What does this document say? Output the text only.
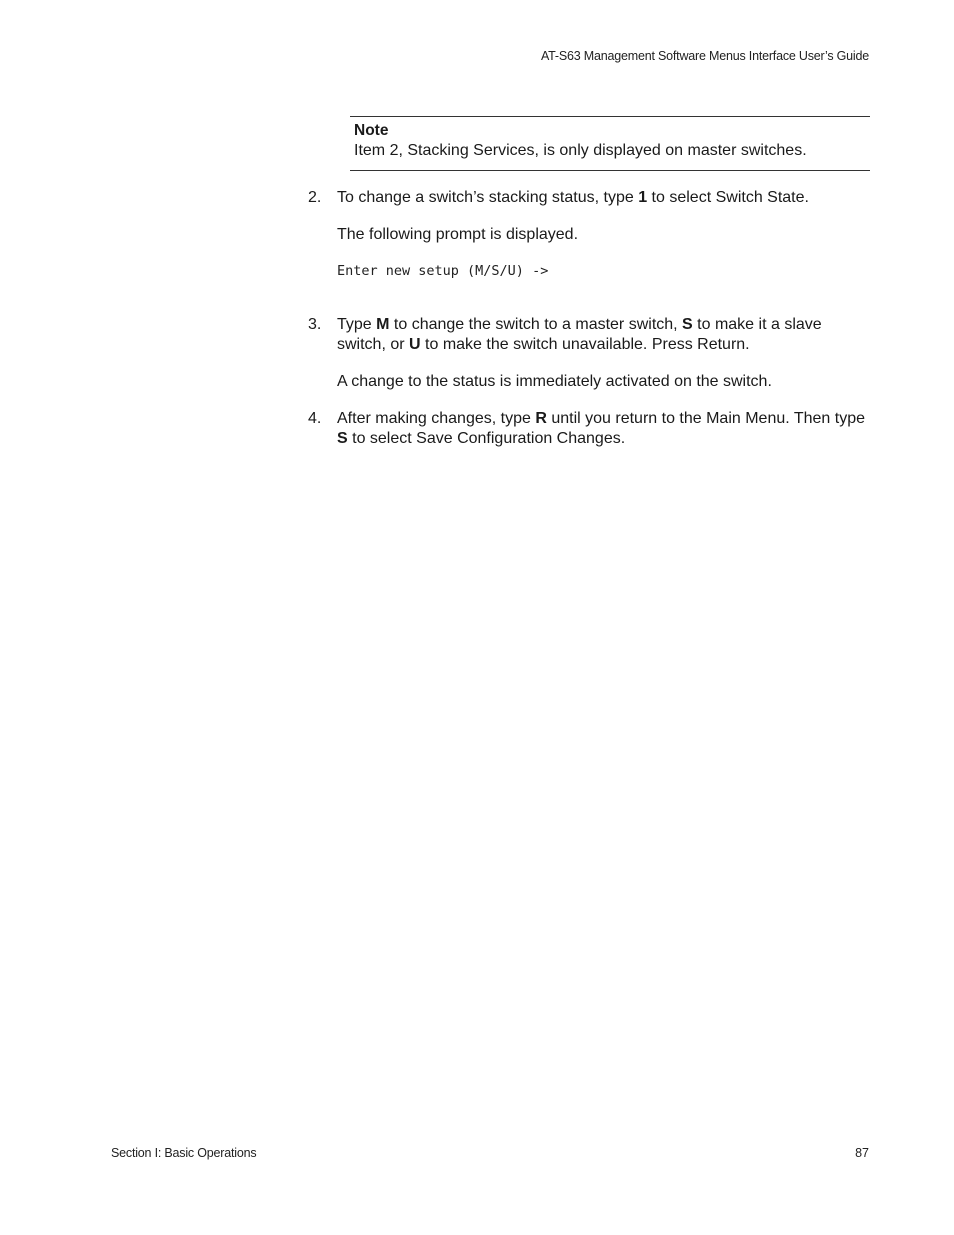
AT-S63 Management Software Menus Interface User’s Guide
Note
Item 2, Stacking Services, is only displayed on master switches.
2. To change a switch’s stacking status, type 1 to select Switch State.

The following prompt is displayed.

Enter new setup (M/S/U) ->

3. Type M to change the switch to a master switch, S to make it a slave switch, or U to make the switch unavailable. Press Return.

A change to the status is immediately activated on the switch.

4. After making changes, type R until you return to the Main Menu. Then type S to select Save Configuration Changes.

Section I: Basic Operations	87
